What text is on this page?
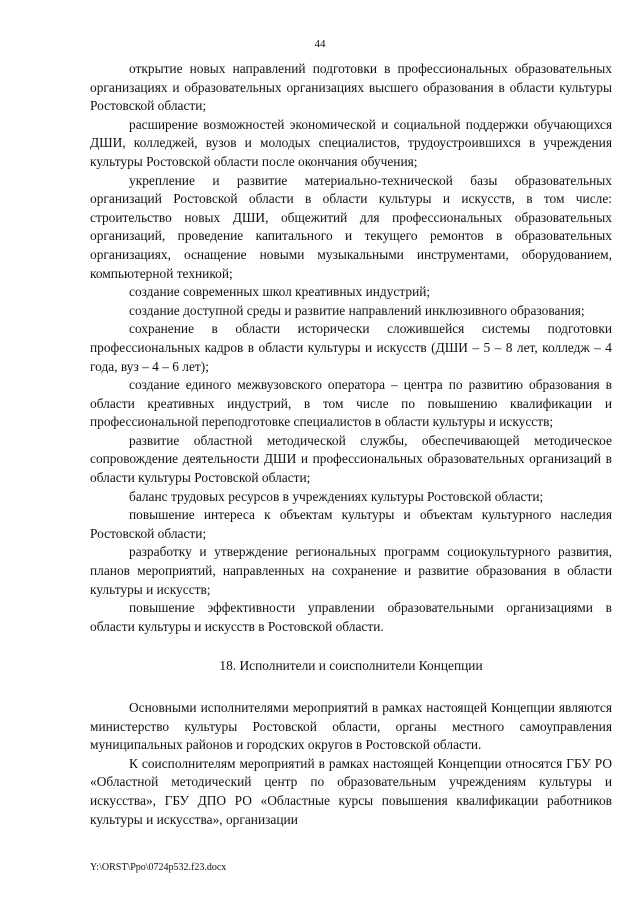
44

открытие новых направлений подготовки в профессиональных образовательных организациях и образовательных организациях высшего образования в области культуры Ростовской области;

расширение возможностей экономической и социальной поддержки обучающихся ДШИ, колледжей, вузов и молодых специалистов, трудоустроившихся в учреждения культуры Ростовской области после окончания обучения;

укрепление и развитие материально-технической базы образовательных организаций Ростовской области в области культуры и искусств, в том числе: строительство новых ДШИ, общежитий для профессиональных образовательных организаций, проведение капитального и текущего ремонтов в образовательных организациях, оснащение новыми музыкальными инструментами, оборудованием, компьютерной техникой;

создание современных школ креативных индустрий;

создание доступной среды и развитие направлений инклюзивного образования;

сохранение в области исторически сложившейся системы подготовки профессиональных кадров в области культуры и искусств (ДШИ – 5 – 8 лет, колледж – 4 года, вуз – 4 – 6 лет);

создание единого межвузовского оператора – центра по развитию образования в области креативных индустрий, в том числе по повышению квалификации и профессиональной переподготовке специалистов в области культуры и искусств;

развитие областной методической службы, обеспечивающей методическое сопровождение деятельности ДШИ и профессиональных образовательных организаций в области культуры Ростовской области;

баланс трудовых ресурсов в учреждениях культуры Ростовской области;

повышение интереса к объектам культуры и объектам культурного наследия Ростовской области;

разработку и утверждение региональных программ социокультурного развития, планов мероприятий, направленных на сохранение и развитие образования в области культуры и искусств;

повышение эффективности управлении образовательными организациями в области культуры и искусств в Ростовской области.

18. Исполнители и соисполнители Концепции

Основными исполнителями мероприятий в рамках настоящей Концепции являются министерство культуры Ростовской области, органы местного самоуправления муниципальных районов и городских округов в Ростовской области.

К соисполнителям мероприятий в рамках настоящей Концепции относятся ГБУ РО «Областной методический центр по образовательным учреждениям культуры и искусства», ГБУ ДПО РО «Областные курсы повышения квалификации работников культуры и искусства», организации

Y:\ORST\Ppo\0724p532.f23.docx
